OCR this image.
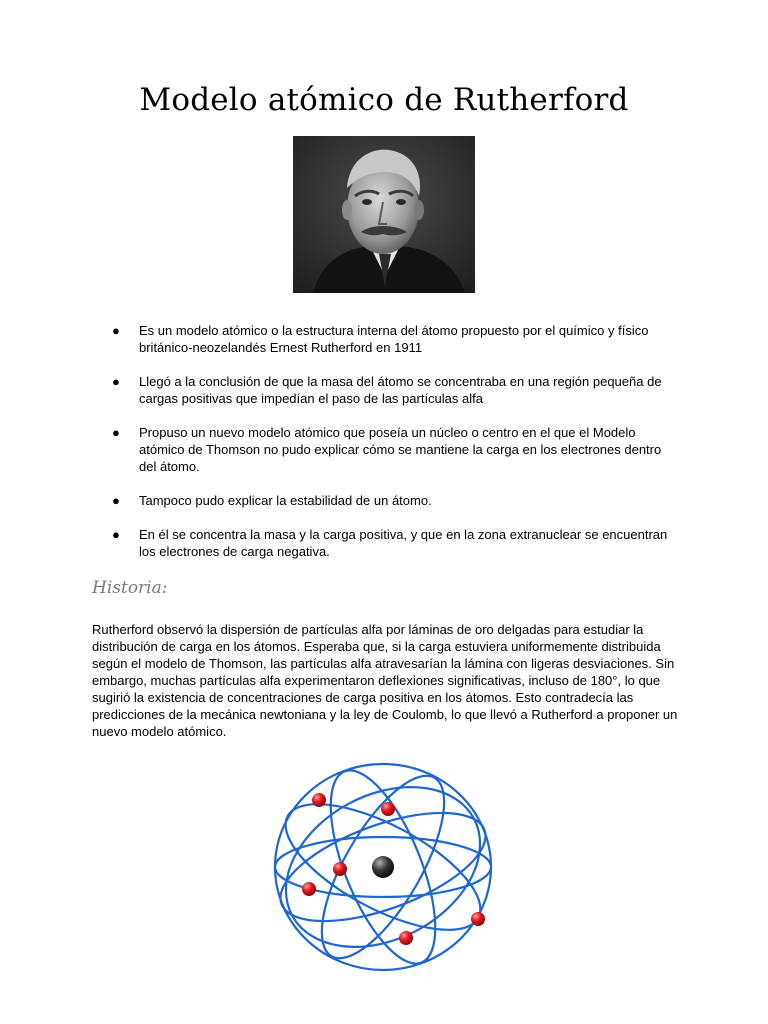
Modelo atómico de Rutherford
● Es un modelo atómico o la estructura interna del átomo propuesto por el químico y físico británico-neozelandés Ernest Rutherford en 1911
● Llegó a la conclusión de que la masa del átomo se concentraba en una región pequeña de cargas positivas que impedían el paso de las partículas alfa
● Propuso un nuevo modelo atómico que poseía un núcleo o centro en el que el Modelo atómico de Thomson no pudo explicar cómo se mantiene la carga en los electrones dentro del átomo.
● Tampoco pudo explicar la estabilidad de un átomo.
● En él se concentra la masa y la carga positiva, y que en la zona extranuclear se encuentran los electrones de carga negativa.
Historia:

Rutherford observó la dispersión de partículas alfa por láminas de oro delgadas para estudiar la distribución de carga en los átomos. Esperaba que, si la carga estuviera uniformemente distribuida según el modelo de Thomson, las partículas alfa atravesarían la lámina con ligeras desviaciones. Sin embargo, muchas partículas alfa experimentaron deflexiones significativas, incluso de 180°, lo que sugirió la existencia de concentraciones de carga positiva en los átomos. Esto contradecía las predicciones de la mecánica newtoniana y la ley de Coulomb, lo que llevó a Rutherford a proponer un nuevo modelo atómico.
